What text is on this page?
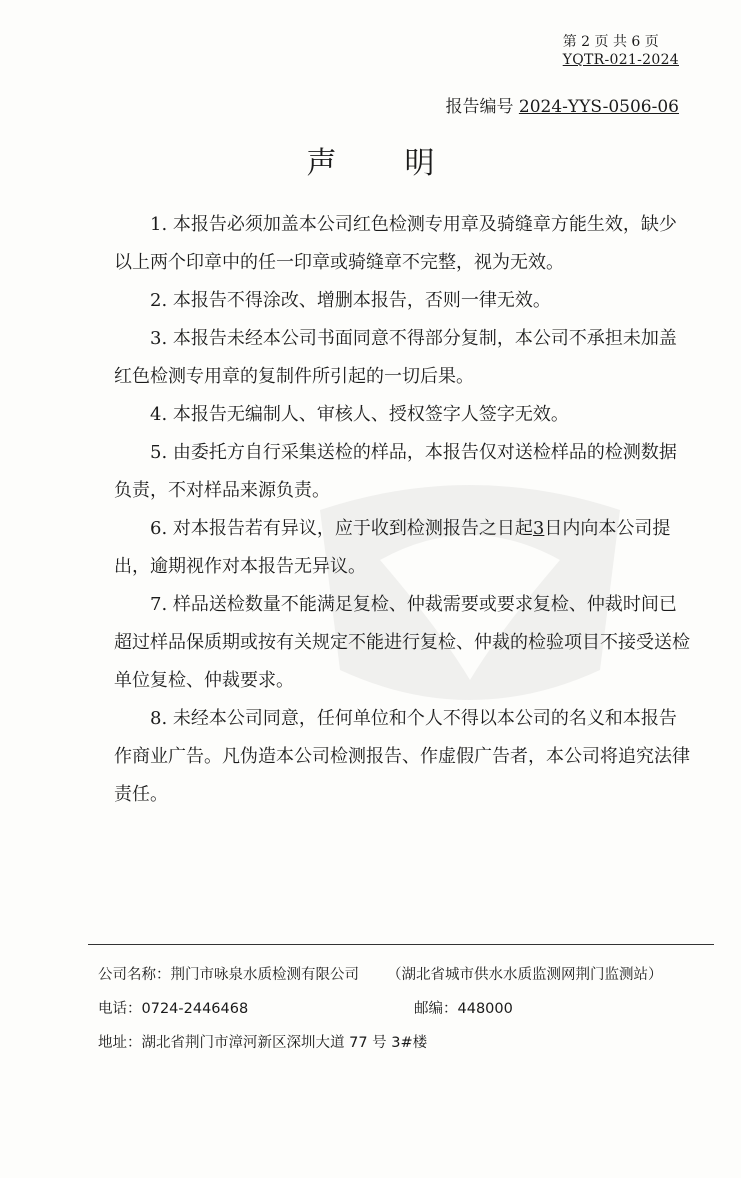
第 2 页 共 6 页
YQTR-021-2024
报告编号 2024-YYS-0506-06
声明

1. 本报告必须加盖本公司红色检测专用章及骑缝章方能生效，缺少以上两个印章中的任一印章或骑缝章不完整，视为无效。

2. 本报告不得涂改、增删本报告，否则一律无效。

3. 本报告未经本公司书面同意不得部分复制，本公司不承担未加盖红色检测专用章的复制件所引起的一切后果。

4. 本报告无编制人、审核人、授权签字人签字无效。

5. 由委托方自行采集送检的样品，本报告仅对送检样品的检测数据负责，不对样品来源负责。

6. 对本报告若有异议，应于收到检测报告之日起3日内向本公司提出，逾期视作对本报告无异议。

7. 样品送检数量不能满足复检、仲裁需要或要求复检、仲裁时间已超过样品保质期或按有关规定不能进行复检、仲裁的检验项目不接受送检单位复检、仲裁要求。

8. 未经本公司同意，任何单位和个人不得以本公司的名义和本报告作商业广告。凡伪造本公司检测报告、作虚假广告者，本公司将追究法律责任。

公司名称： 荆门市咏泉水质检测有限公司 （湖北省城市供水水质监测网荆门监测站）
电话：0724-2446468	邮编：448000
地址： 湖北省荆门市漳河新区深圳大道 77 号 3#楼
